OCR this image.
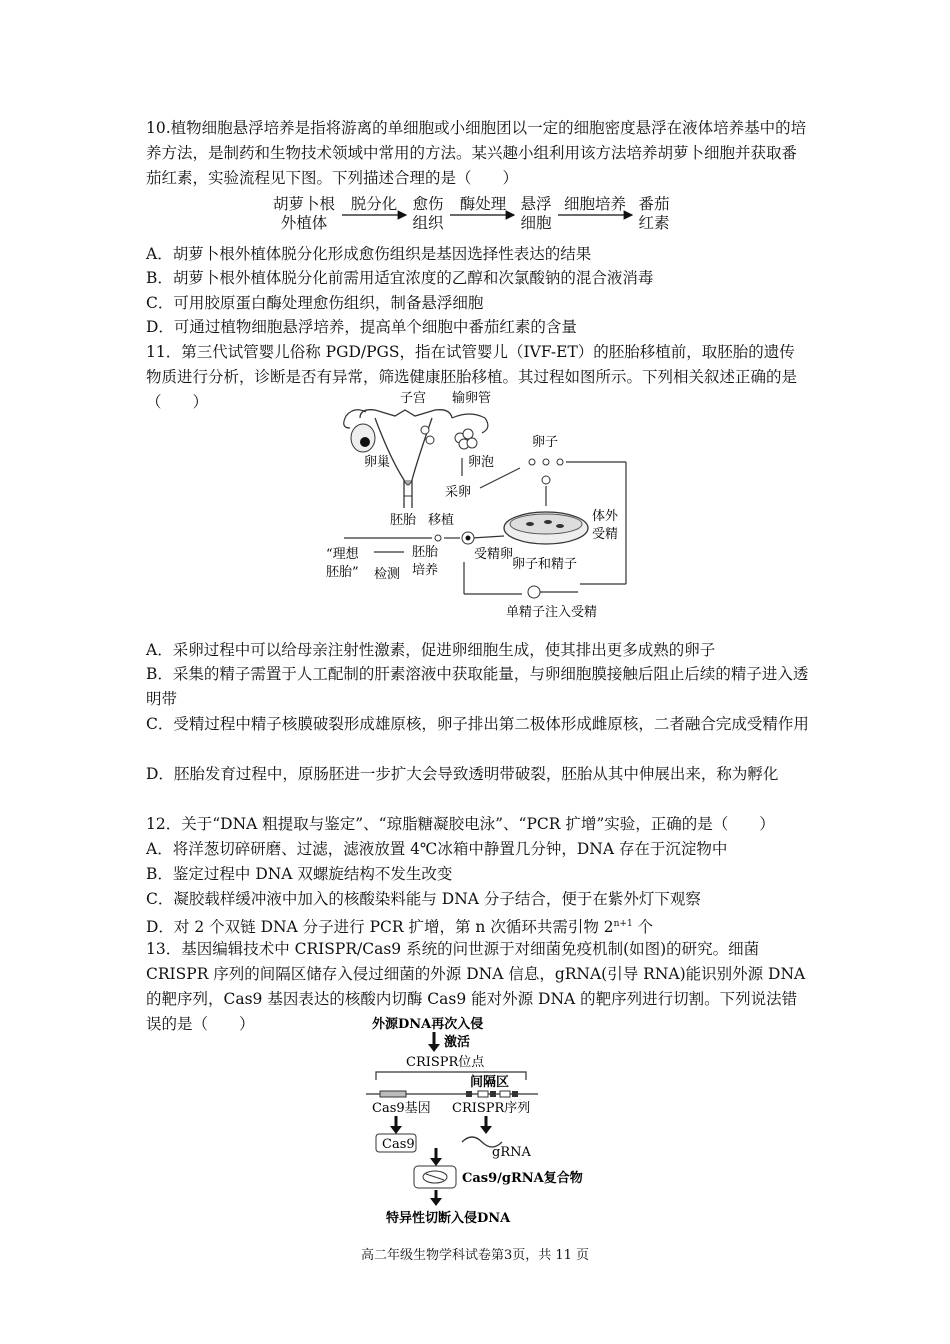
10.植物细胞悬浮培养是指将游离的单细胞或小细胞团以一定的细胞密度悬浮在液体培养基中的培养方法，是制药和生物技术领域中常用的方法。某兴趣小组利用该方法培养胡萝卜细胞并获取番茄红素，实验流程见下图。下列描述合理的是（　　）

胡萝卜根
外植体
脱分化 愈伤
组织
酶处理 悬浮
细胞
细胞培养 番茄
红素

A．胡萝卜根外植体脱分化形成愈伤组织是基因选择性表达的结果

B．胡萝卜根外植体脱分化前需用适宜浓度的乙醇和次氯酸钠的混合液消毒

C．可用胶原蛋白酶处理愈伤组织，制备悬浮细胞

D．可通过植物细胞悬浮培养，提高单个细胞中番茄红素的含量

11．第三代试管婴儿俗称 PGD/PGS，指在试管婴儿（IVF-ET）的胚胎移植前，取胚胎的遗传物质进行分析，诊断是否有异常，筛选健康胚胎移植。其过程如图所示。下列相关叙述正确的是（　　）	子宫 输卵管
卵巢	卵泡
采卵
卵子
体外
受精
卵子和精子
受精卵
胚胎 移植
胚胎
培养
“理想
胚胎” 检测
单精子注入受精

A．采卵过程中可以给母亲注射性激素，促进卵细胞生成，使其排出更多成熟的卵子

B．采集的精子需置于人工配制的肝素溶液中获取能量，与卵细胞膜接触后阻止后续的精子进入透明带

C．受精过程中精子核膜破裂形成雄原核，卵子排出第二极体形成雌原核，二者融合完成受精作用

D．胚胎发育过程中，原肠胚进一步扩大会导致透明带破裂，胚胎从其中伸展出来，称为孵化

12．关于“DNA 粗提取与鉴定”、“琼脂糖凝胶电泳”、“PCR 扩增”实验，正确的是（　　）

A．将洋葱切碎研磨、过滤，滤液放置 4℃冰箱中静置几分钟，DNA 存在于沉淀物中

B．鉴定过程中 DNA 双螺旋结构不发生改变

C．凝胶载样缓冲液中加入的核酸染料能与 DNA 分子结合，便于在紫外灯下观察

D．对 2 个双链 DNA 分子进行 PCR 扩增，第 n 次循环共需引物 $2^{n+1}$ 个

13．基因编辑技术中 CRISPR/Cas9 系统的问世源于对细菌免疫机制(如图)的研究。细菌 CRISPR 序列的间隔区储存入侵过细菌的外源 DNA 信息，gRNA(引导 RNA)能识别外源 DNA 的靶序列，Cas9 基因表达的核酸内切酶 Cas9 能对外源 DNA 的靶序列进行切割。下列说法错误的是（　　）	外源DNA再次入侵
激活
CRISPR位点
间隔区
Cas9基因 CRISPR序列
Cas9
gRNA
Cas9/gRNA复合物
特异性切断入侵DNA
高二年级生物学科试卷第3页，共 11 页
